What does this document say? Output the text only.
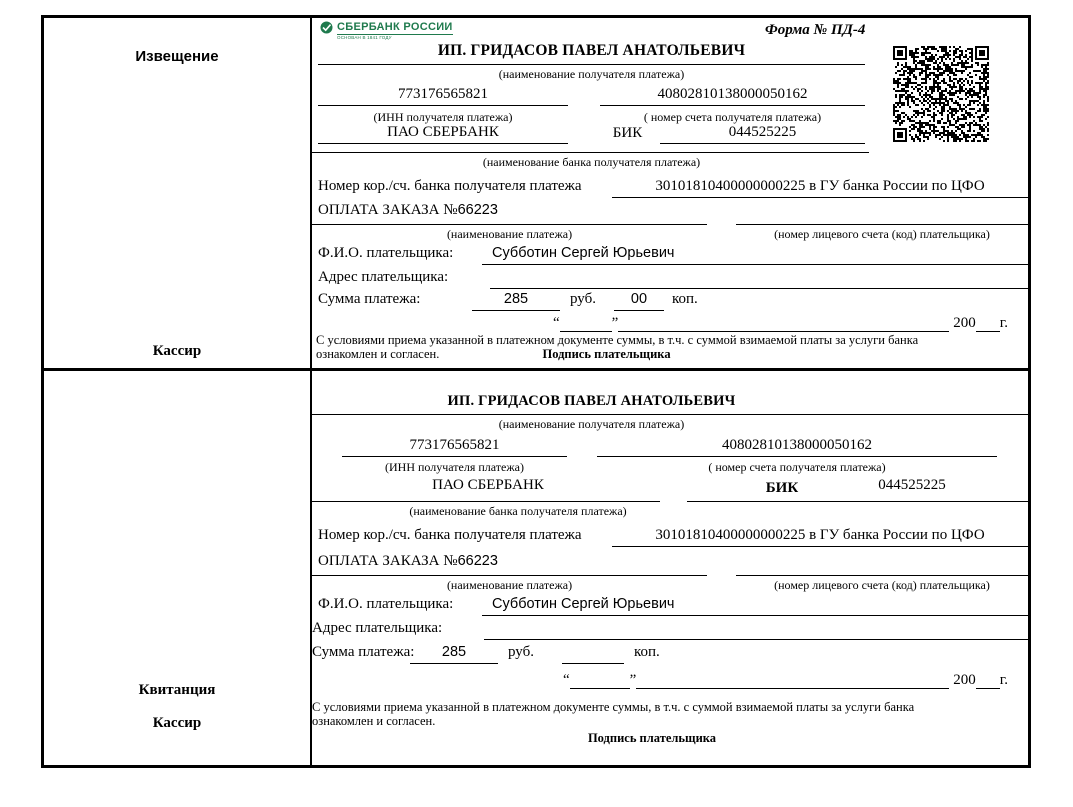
Извещение
Кассир
СБЕРБАНК РОССИИ
ОСНОВАН В 1841 ГОДУ	Форма № ПД-4
ИП. ГРИДАСОВ ПАВЕЛ АНАТОЛЬЕВИЧ
(наименование получателя платежа)
773176565821	40802810138000050162
(ИНН получателя платежа)	( номер счета получателя платежа)
ПАО СБЕРБАНК	БИК	044525225
(наименование банка получателя платежа)
Номер кор./сч. банка получателя платежа	30101810400000000225 в ГУ банка России по ЦФО
ОПЛАТА ЗАКАЗА №66223
(наименование платежа)	(номер лицевого счета (код) плательщика)
Ф.И.О. плательщика:	Субботин Сергей Юрьевич
Адрес плательщика:
Сумма платежа:	285	руб.	00	коп.
“	”	200 г.
С условиями приема указанной в платежном документе суммы, в т.ч. с суммой взимаемой платы за услуги банка
ознакомлен и согласен.	Подпись плательщика
Квитанция
Кассир
ИП. ГРИДАСОВ ПАВЕЛ АНАТОЛЬЕВИЧ
(наименование получателя платежа)
773176565821	40802810138000050162
(ИНН получателя платежа)	( номер счета получателя платежа)
ПАО СБЕРБАНК	БИК	044525225
(наименование банка получателя платежа)
Номер кор./сч. банка получателя платежа	30101810400000000225 в ГУ банка России по ЦФО
ОПЛАТА ЗАКАЗА №66223
(наименование платежа)	(номер лицевого счета (код) плательщика)
Ф.И.О. плательщика:	Субботин Сергей Юрьевич
Адрес плательщика:
Сумма платежа:	285	руб.	коп.
“	”	200 г.
С условиями приема указанной в платежном документе суммы, в т.ч. с суммой взимаемой платы за услуги банка
ознакомлен и согласен.
Подпись плательщика
